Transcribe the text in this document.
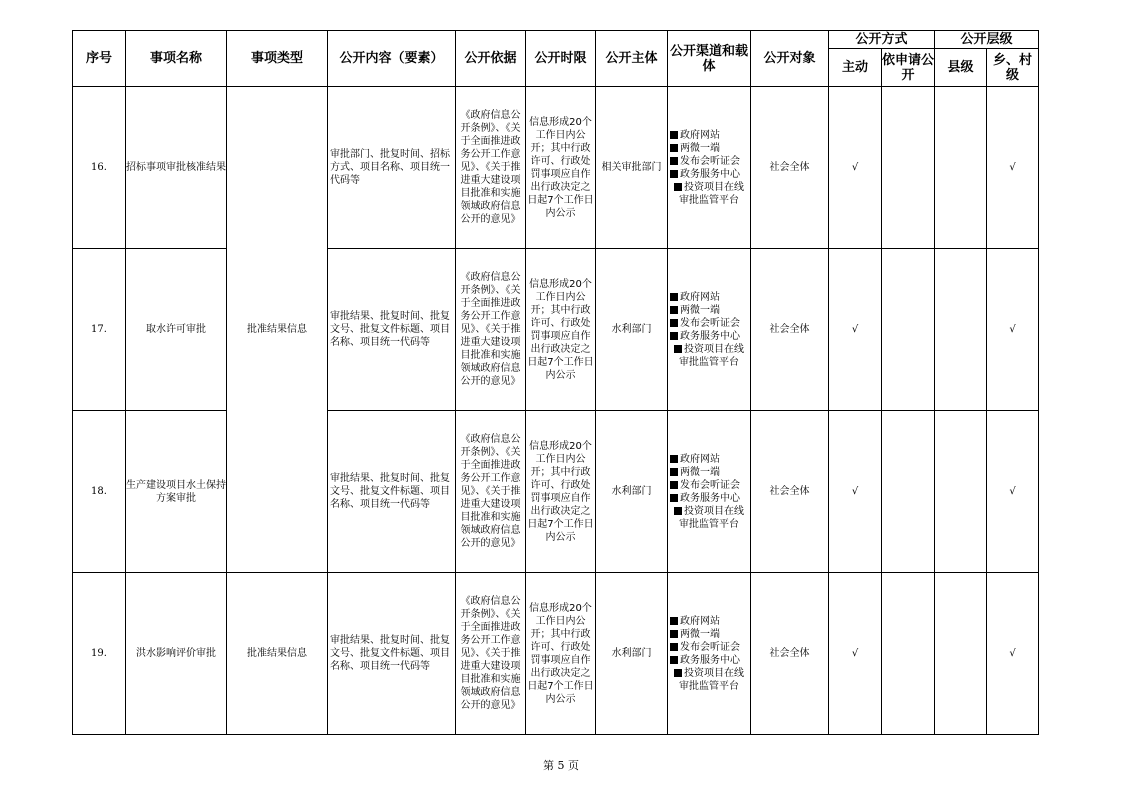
序号	事项名称	事项类型	公开内容（要素）	公开依据	公开时限	公开主体	公开渠道和载体	公开对象	公开方式		公开层级	
									主动	依申请公开	县级	乡、村级
16.	招标事项审批核准结果	批准结果信息	审批部门、批复时间、招标方式、项目名称、项目统一代码等	《政府信息公开条例》、《关于全面推进政务公开工作意见》、《关于推进重大建设项目批准和实施领域政府信息公开的意见》	信息形成20个工作日内公开；其中行政许可、行政处罚事项应自作出行政决定之日起7个工作日内公示	相关审批部门	政府网站
两微一端
发布会听证会
政务服务中心
投资项目在线审批监管平台	社会全体	√			√
17.	取水许可审批		审批结果、批复时间、批复文号、批复文件标题、项目名称、项目统一代码等	《政府信息公开条例》、《关于全面推进政务公开工作意见》、《关于推进重大建设项目批准和实施领域政府信息公开的意见》	信息形成20个工作日内公开；其中行政许可、行政处罚事项应自作出行政决定之日起7个工作日内公示	水利部门	政府网站
两微一端
发布会听证会
政务服务中心
投资项目在线审批监管平台	社会全体	√			√
18.	生产建设项目水土保持方案审批		审批结果、批复时间、批复文号、批复文件标题、项目名称、项目统一代码等	《政府信息公开条例》、《关于全面推进政务公开工作意见》、《关于推进重大建设项目批准和实施领域政府信息公开的意见》	信息形成20个工作日内公开；其中行政许可、行政处罚事项应自作出行政决定之日起7个工作日内公示	水利部门	政府网站
两微一端
发布会听证会
政务服务中心
投资项目在线审批监管平台	社会全体	√			√
19.	洪水影响评价审批	批准结果信息	审批结果、批复时间、批复文号、批复文件标题、项目名称、项目统一代码等	《政府信息公开条例》、《关于全面推进政务公开工作意见》、《关于推进重大建设项目批准和实施领域政府信息公开的意见》	信息形成20个工作日内公开；其中行政许可、行政处罚事项应自作出行政决定之日起7个工作日内公示	水利部门	政府网站
两微一端
发布会听证会
政务服务中心
投资项目在线审批监管平台	社会全体	√			√
第 5 页
